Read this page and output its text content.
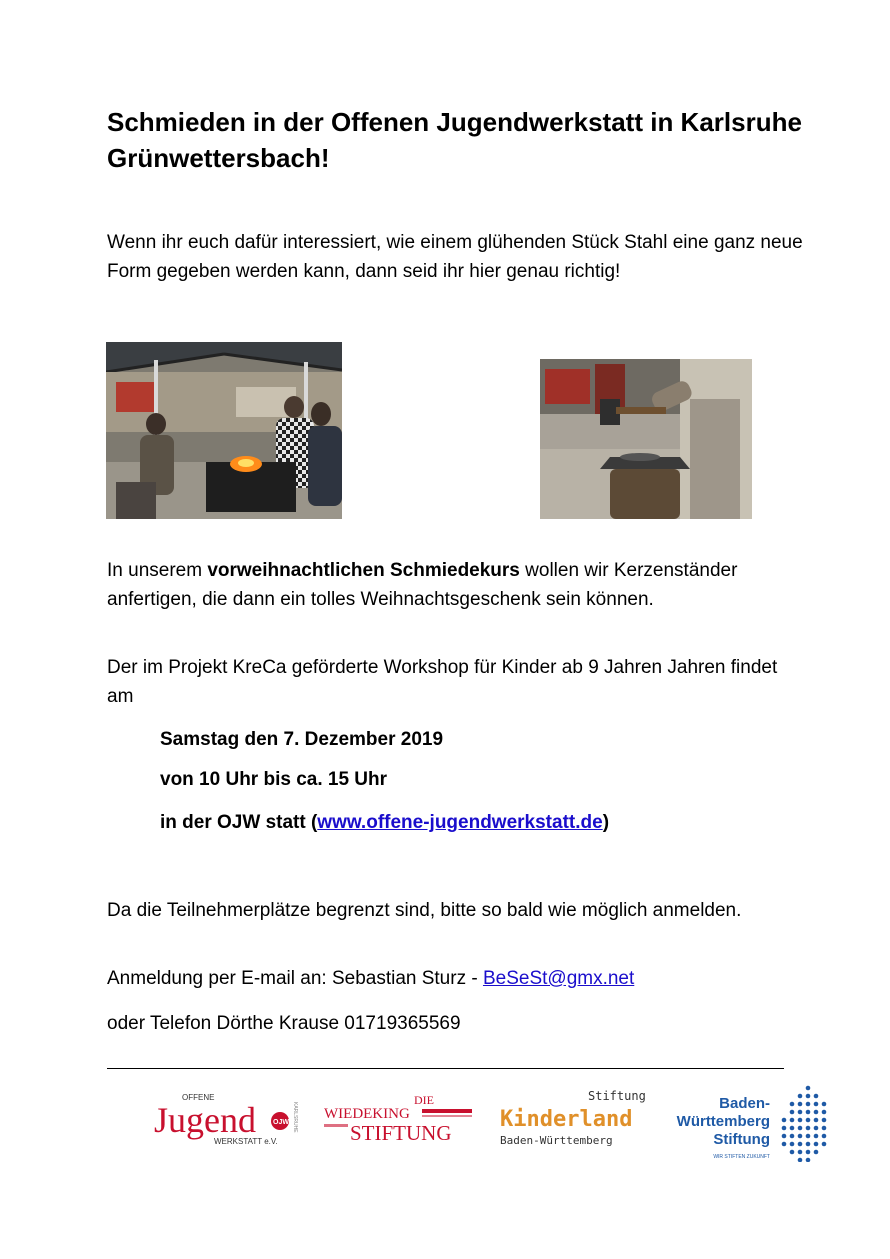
Schmieden in der Offenen Jugendwerkstatt in Karlsruhe Grünwettersbach!

Wenn ihr euch dafür interessiert, wie einem glühenden Stück Stahl eine ganz neue Form gegeben werden kann, dann seid ihr hier genau richtig!

In unserem vorweihnachtlichen Schmiedekurs wollen wir Kerzenständer anfertigen, die dann ein tolles Weihnachtsgeschenk sein können.

Der im Projekt KreCa geförderte Workshop für Kinder ab 9 Jahren Jahren findet am

Samstag den 7. Dezember 2019

von 10 Uhr bis ca. 15 Uhr

in der OJW statt (www.offene-jugendwerkstatt.de)

Da die Teilnehmerplätze begrenzt sind, bitte so bald wie möglich anmelden.

Anmeldung per E-mail an: Sebastian Sturz - BeSeSt@gmx.net

oder Telefon Dörthe Krause 01719365569

OFFENE
Jugend OJW
WERKSTATT e.V.
KARLSRUHE
DIE
WIEDEKING
STIFTUNG
Stiftung
Kinderland
Baden-Württemberg
Baden-
Württemberg
Stiftung
WIR STIFTEN ZUKUNFT
